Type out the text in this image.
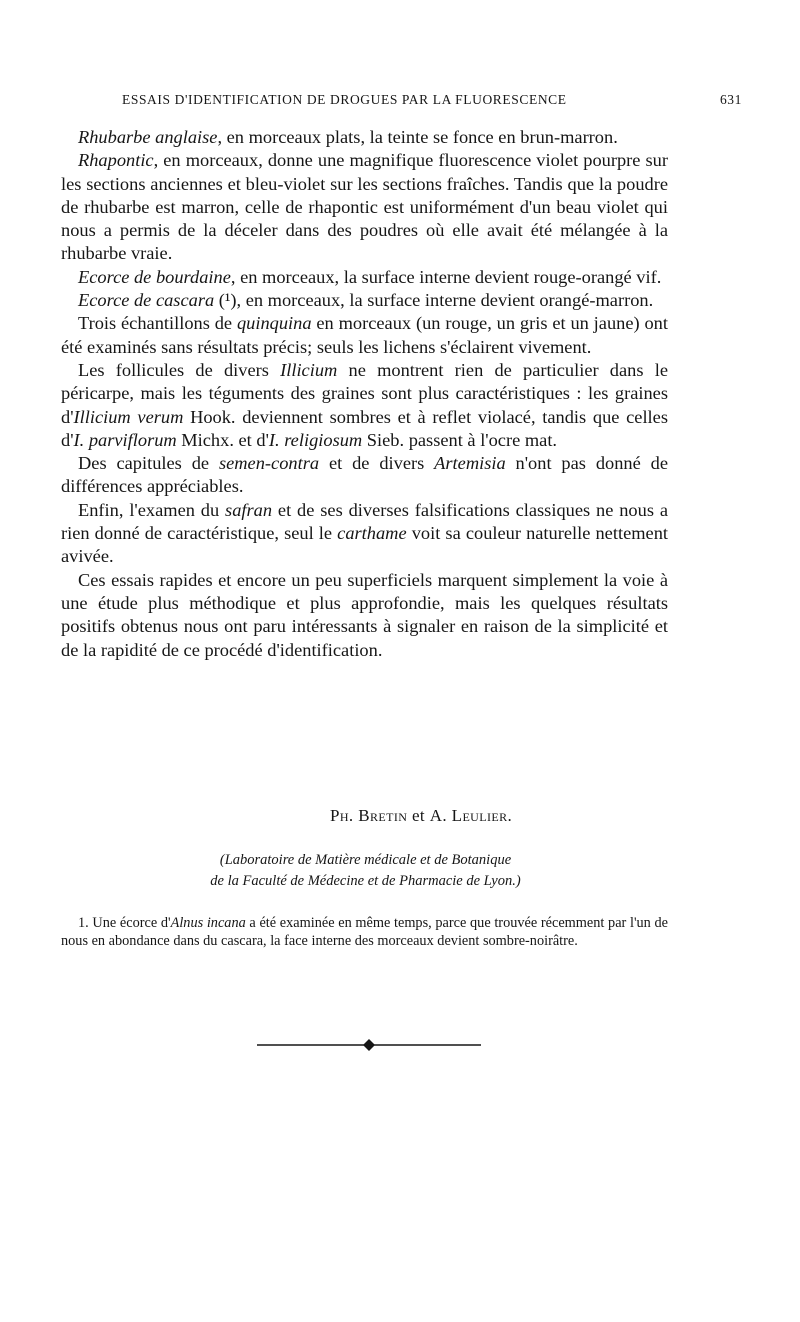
ESSAIS D'IDENTIFICATION DE DROGUES PAR LA FLUORESCENCE	631

Rhubarbe anglaise, en morceaux plats, la teinte se fonce en brun-marron.

Rhapontic, en morceaux, donne une magnifique fluorescence violet pourpre sur les sections anciennes et bleu-violet sur les sections fraîches. Tandis que la poudre de rhubarbe est marron, celle de rhapontic est uniformément d'un beau violet qui nous a permis de la déceler dans des poudres où elle avait été mélangée à la rhubarbe vraie.

Ecorce de bourdaine, en morceaux, la surface interne devient rouge-orangé vif.

Ecorce de cascara (¹), en morceaux, la surface interne devient orangé-marron.

Trois échantillons de quinquina en morceaux (un rouge, un gris et un jaune) ont été examinés sans résultats précis; seuls les lichens s'éclairent vivement.

Les follicules de divers Illicium ne montrent rien de particulier dans le péricarpe, mais les téguments des graines sont plus caractéristiques : les graines d'Illicium verum Hook. deviennent sombres et à reflet violacé, tandis que celles d'I. parviflorum Michx. et d'I. religiosum Sieb. passent à l'ocre mat.

Des capitules de semen-contra et de divers Artemisia n'ont pas donné de différences appréciables.

Enfin, l'examen du safran et de ses diverses falsifications classiques ne nous a rien donné de caractéristique, seul le carthame voit sa couleur naturelle nettement avivée.

Ces essais rapides et encore un peu superficiels marquent simplement la voie à une étude plus méthodique et plus approfondie, mais les quelques résultats positifs obtenus nous ont paru intéressants à signaler en raison de la simplicité et de la rapidité de ce procédé d'identification.

Ph. Bretin et A. Leulier.
(Laboratoire de Matière médicale et de Botanique
de la Faculté de Médecine et de Pharmacie de Lyon.)

1. Une écorce d'Alnus incana a été examinée en même temps, parce que trouvée récemment par l'un de nous en abondance dans du cascara, la face interne des morceaux devient sombre-noirâtre.
